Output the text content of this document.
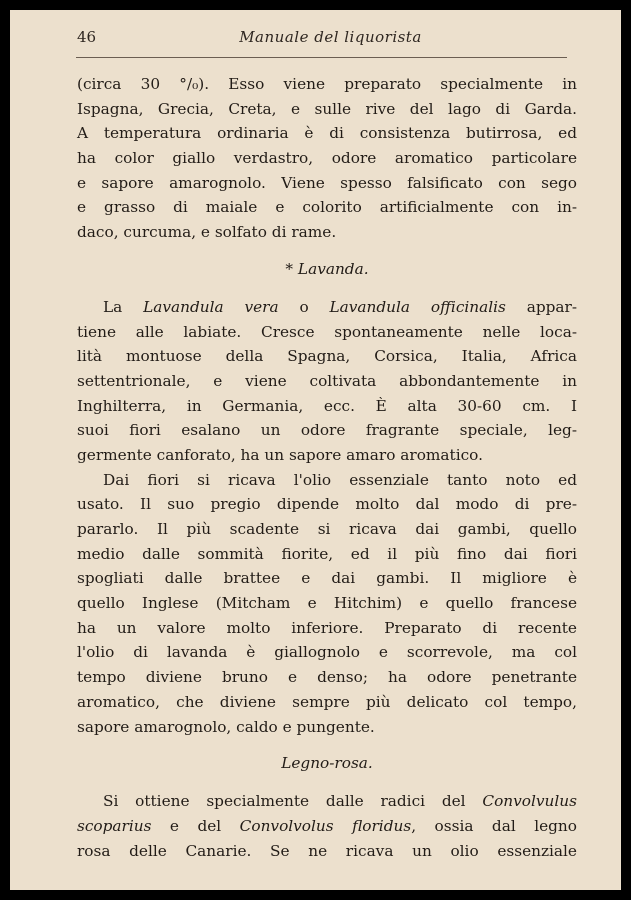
46	Manuale del liquorista
(circa 30 °/₀). Esso viene preparato specialmente in
Ispagna, Grecia, Creta, e sulle rive del lago di Garda.
A temperatura ordinaria è di consistenza butirrosa, ed
ha color giallo verdastro, odore aromatico particolare
e sapore amarognolo. Viene spesso falsificato con sego
e grasso di maiale e colorito artificialmente con in-
daco, curcuma, e solfato di rame.
* Lavanda.
La Lavandula vera o Lavandula officinalis appar-
tiene alle labiate. Cresce spontaneamente nelle loca-
lità montuose della Spagna, Corsica, Italia, Africa
settentrionale, e viene coltivata abbondantemente in
Inghilterra, in Germania, ecc. È alta 30-60 cm. I
suoi fiori esalano un odore fragrante speciale, leg-
germente canforato, ha un sapore amaro aromatico.
Dai fiori si ricava l'olio essenziale tanto noto ed
usato. Il suo pregio dipende molto dal modo di pre-
pararlo. Il più scadente si ricava dai gambi, quello
medio dalle sommità fiorite, ed il più fino dai fiori
spogliati dalle brattee e dai gambi. Il migliore è
quello Inglese (Mitcham e Hitchim) e quello francese
ha un valore molto inferiore. Preparato di recente
l'olio di lavanda è giallognolo e scorrevole, ma col
tempo diviene bruno e denso; ha odore penetrante
aromatico, che diviene sempre più delicato col tempo,
sapore amarognolo, caldo e pungente.
Legno-rosa.
Si ottiene specialmente dalle radici del Convolvulus
scoparius e del Convolvolus floridus, ossia dal legno
rosa delle Canarie. Se ne ricava un olio essenziale
